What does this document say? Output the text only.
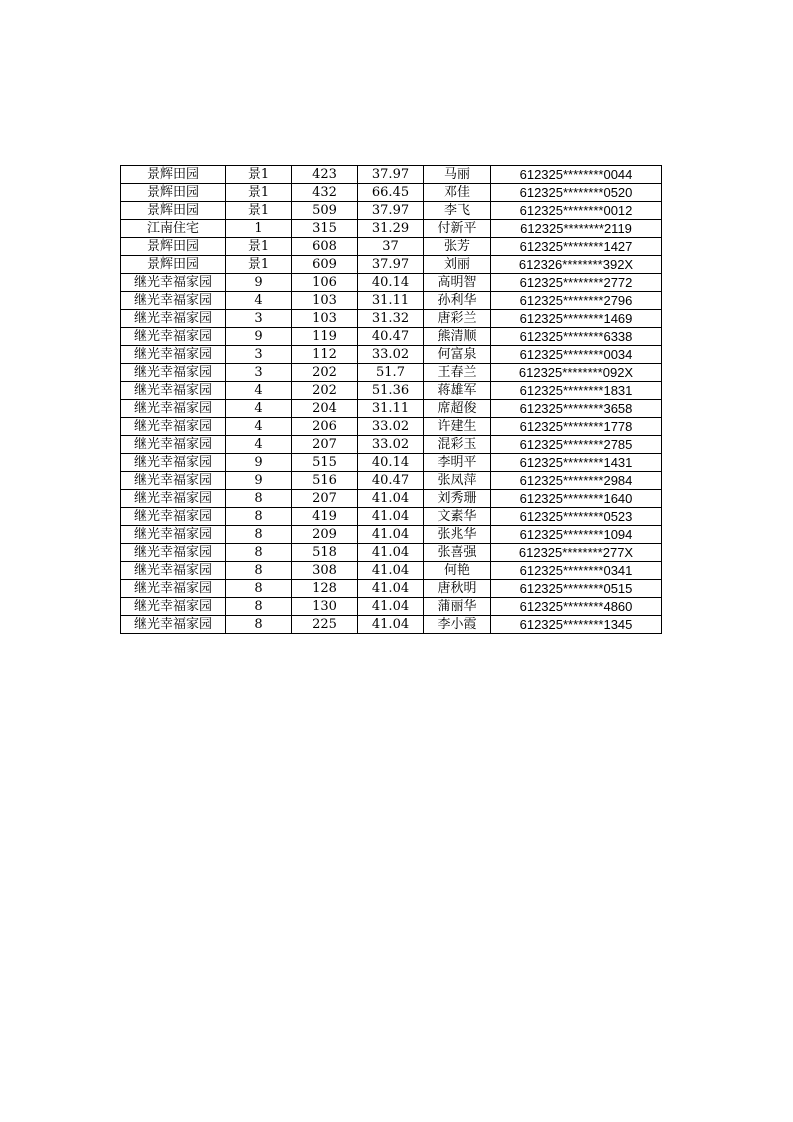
景辉田园	景1	423	37.97	马丽	612325********0044
景辉田园	景1	432	66.45	邓佳	612325********0520
景辉田园	景1	509	37.97	李飞	612325********0012
江南住宅	1	315	31.29	付新平	612325********2119
景辉田园	景1	608	37	张芳	612325********1427
景辉田园	景1	609	37.97	刘丽	612326********392X
继光幸福家园	9	106	40.14	高明智	612325********2772
继光幸福家园	4	103	31.11	孙利华	612325********2796
继光幸福家园	3	103	31.32	唐彩兰	612325********1469
继光幸福家园	9	119	40.47	熊清顺	612325********6338
继光幸福家园	3	112	33.02	何富泉	612325********0034
继光幸福家园	3	202	51.7	王春兰	612325********092X
继光幸福家园	4	202	51.36	蒋雄军	612325********1831
继光幸福家园	4	204	31.11	席超俊	612325********3658
继光幸福家园	4	206	33.02	许建生	612325********1778
继光幸福家园	4	207	33.02	混彩玉	612325********2785
继光幸福家园	9	515	40.14	李明平	612325********1431
继光幸福家园	9	516	40.47	张凤萍	612325********2984
继光幸福家园	8	207	41.04	刘秀珊	612325********1640
继光幸福家园	8	419	41.04	文素华	612325********0523
继光幸福家园	8	209	41.04	张兆华	612325********1094
继光幸福家园	8	518	41.04	张喜强	612325********277X
继光幸福家园	8	308	41.04	何艳	612325********0341
继光幸福家园	8	128	41.04	唐秋明	612325********0515
继光幸福家园	8	130	41.04	蒲丽华	612325********4860
继光幸福家园	8	225	41.04	李小霞	612325********1345
